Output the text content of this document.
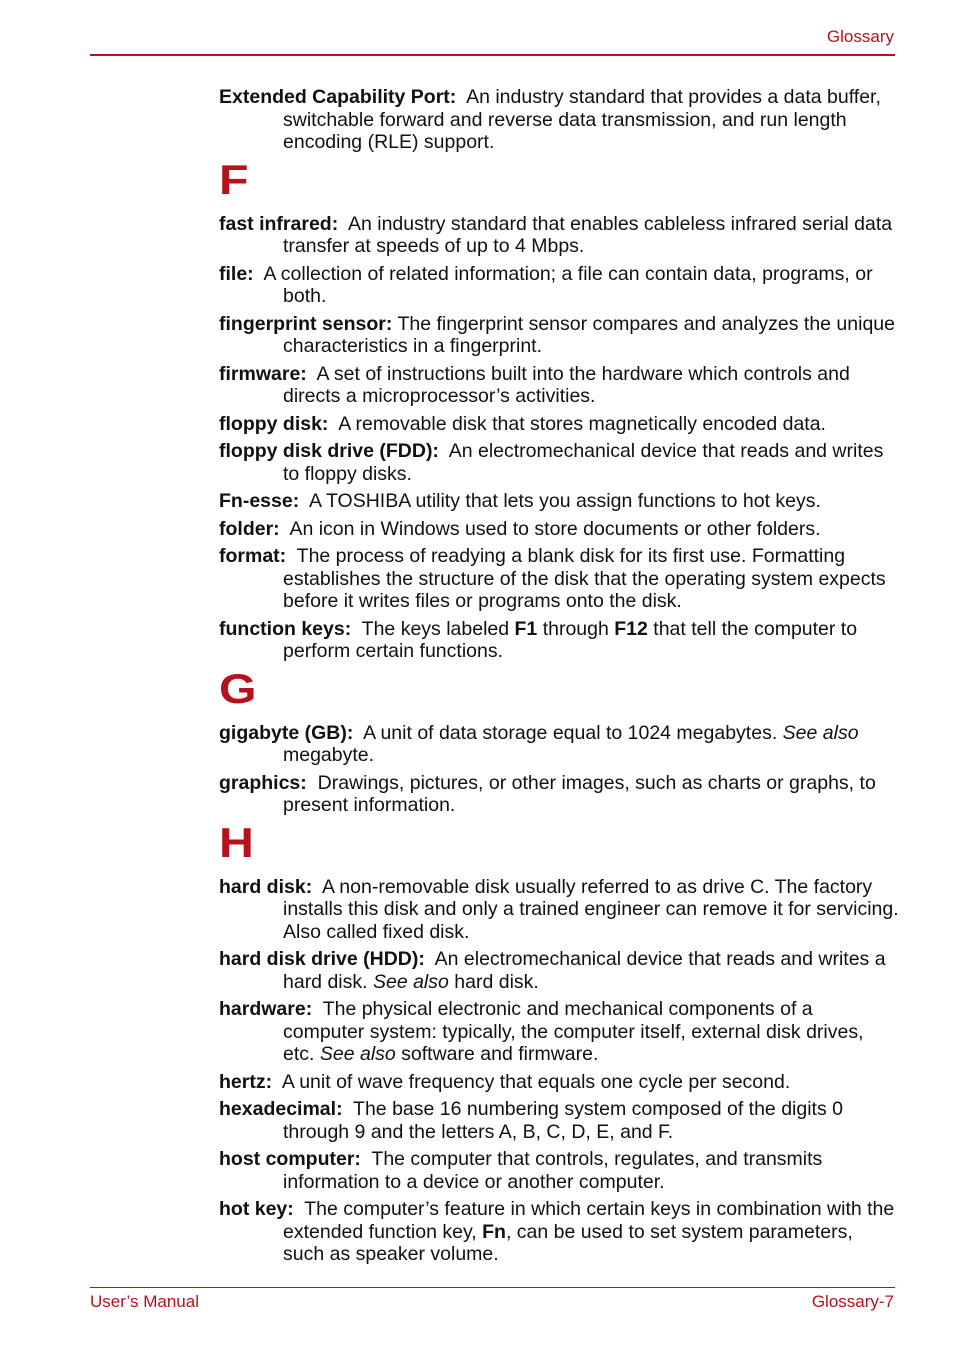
Glossary

Extended Capability Port: An industry standard that provides a data buffer, switchable forward and reverse data transmission, and run length encoding (RLE) support.

F

fast infrared: An industry standard that enables cableless infrared serial data transfer at speeds of up to 4 Mbps.

file: A collection of related information; a file can contain data, programs, or both.

fingerprint sensor: The fingerprint sensor compares and analyzes the unique characteristics in a fingerprint.

firmware: A set of instructions built into the hardware which controls and directs a microprocessor’s activities.

floppy disk: A removable disk that stores magnetically encoded data.

floppy disk drive (FDD): An electromechanical device that reads and writes to floppy disks.

Fn-esse: A TOSHIBA utility that lets you assign functions to hot keys.

folder: An icon in Windows used to store documents or other folders.

format: The process of readying a blank disk for its first use. Formatting establishes the structure of the disk that the operating system expects before it writes files or programs onto the disk.

function keys: The keys labeled F1 through F12 that tell the computer to perform certain functions.

G

gigabyte (GB): A unit of data storage equal to 1024 megabytes. See also megabyte.

graphics: Drawings, pictures, or other images, such as charts or graphs, to present information.

H

hard disk: A non-removable disk usually referred to as drive C. The factory installs this disk and only a trained engineer can remove it for servicing. Also called fixed disk.

hard disk drive (HDD): An electromechanical device that reads and writes a hard disk. See also hard disk.

hardware: The physical electronic and mechanical components of a computer system: typically, the computer itself, external disk drives, etc. See also software and firmware.

hertz: A unit of wave frequency that equals one cycle per second.

hexadecimal: The base 16 numbering system composed of the digits 0 through 9 and the letters A, B, C, D, E, and F.

host computer: The computer that controls, regulates, and transmits information to a device or another computer.

hot key: The computer’s feature in which certain keys in combination with the extended function key, Fn, can be used to set system parameters, such as speaker volume.

User’s Manual	Glossary-7
